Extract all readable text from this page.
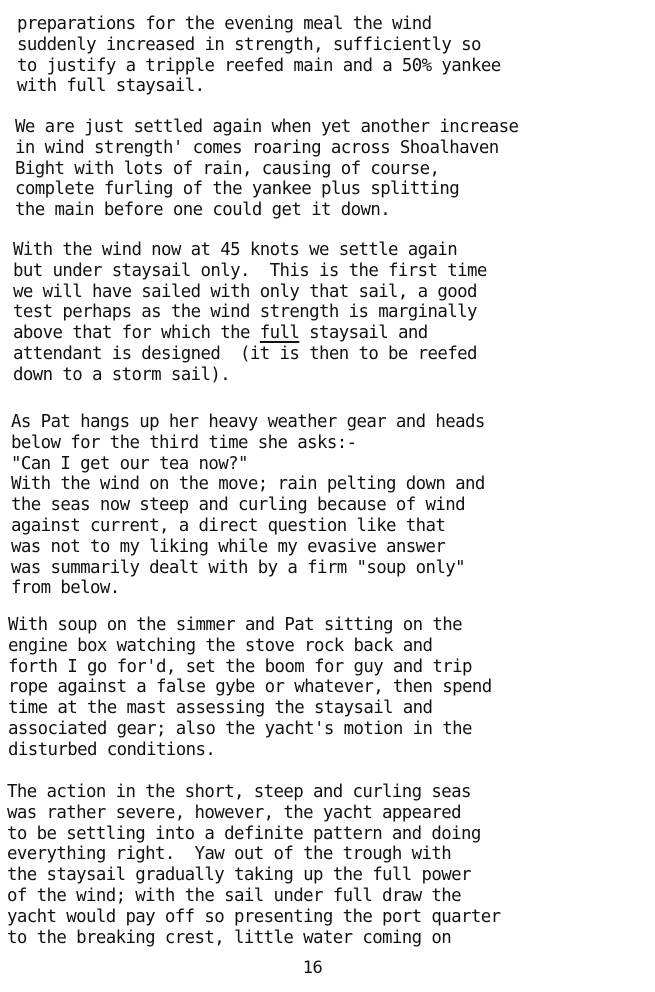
preparations for the evening meal the wind
suddenly increased in strength, sufficiently so
to justify a tripple reefed main and a 50% yankee
with full staysail.
We are just settled again when yet another increase
in wind strength' comes roaring across Shoalhaven
Bight with lots of rain, causing of course,
complete furling of the yankee plus splitting
the main before one could get it down.
With the wind now at 45 knots we settle again
but under staysail only.  This is the first time
we will have sailed with only that sail, a good
test perhaps as the wind strength is marginally
above that for which the full staysail and
attendant is designed  (it is then to be reefed
down to a storm sail).
As Pat hangs up her heavy weather gear and heads
below for the third time she asks:-
"Can I get our tea now?"
With the wind on the move; rain pelting down and
the seas now steep and curling because of wind
against current, a direct question like that
was not to my liking while my evasive answer
was summarily dealt with by a firm "soup only"
from below.
With soup on the simmer and Pat sitting on the
engine box watching the stove rock back and
forth I go for'd, set the boom for guy and trip
rope against a false gybe or whatever, then spend
time at the mast assessing the staysail and
associated gear; also the yacht's motion in the
disturbed conditions.
The action in the short, steep and curling seas
was rather severe, however, the yacht appeared
to be settling into a definite pattern and doing
everything right.  Yaw out of the trough with
the staysail gradually taking up the full power
of the wind; with the sail under full draw the
yacht would pay off so presenting the port quarter
to the breaking crest, little water coming on
16
